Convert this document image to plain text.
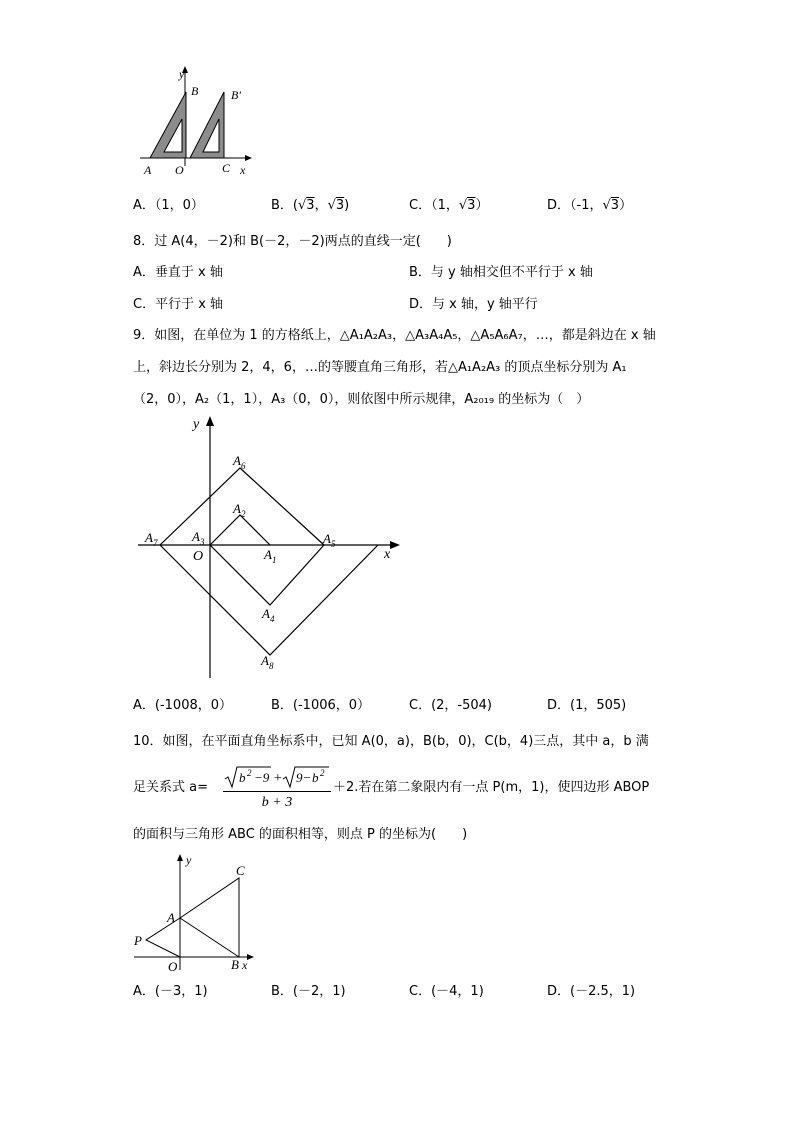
y
B	B′
A O	C x
A．（1，0）	B．(√3，√3)	C．（1，√3）	D．（-1，√3）
8．过 A(4，－2)和 B(－2，－2)两点的直线一定(　　)
A．垂直于 x 轴	B．与 y 轴相交但不平行于 x 轴
C．平行于 x 轴	D．与 x 轴，y 轴平行
9．如图，在单位为 1 的方格纸上，△A₁A₂A₃，△A₃A₄A₅，△A₅A₆A₇，…，都是斜边在 x 轴
上，斜边长分别为 2，4，6，…的等腰直角三角形，若△A₁A₂A₃ 的顶点坐标分别为 A₁
（2，0），A₂（1，1），A₃（0，0），则依图中所示规律，A₂₀₁₉ 的坐标为（　）
y
x
O
$A_6$
$A_2$
$A_3$
$A_7$
$A_1$
$A_5$
$A_4$
$A_8$
A．(-1008，0）	B．(-1006，0）	C．(2，-504)	D．(1，505)
10．如图，在平面直角坐标系中，已知 A(0，a)，B(b，0)，C(b，4)三点，其中 a，b 满
足关系式 a=
b 2 −9 + 9− b 2
b + 3
＋2.若在第二象限内有一点 P(m，1)，使四边形 ABOP
的面积与三角形 ABC 的面积相等，则点 P 的坐标为(　　)
y
C
A
P
O	B x
A．(－3，1)	B．(－2，1)	C．(－4，1)	D．(－2.5，1)
